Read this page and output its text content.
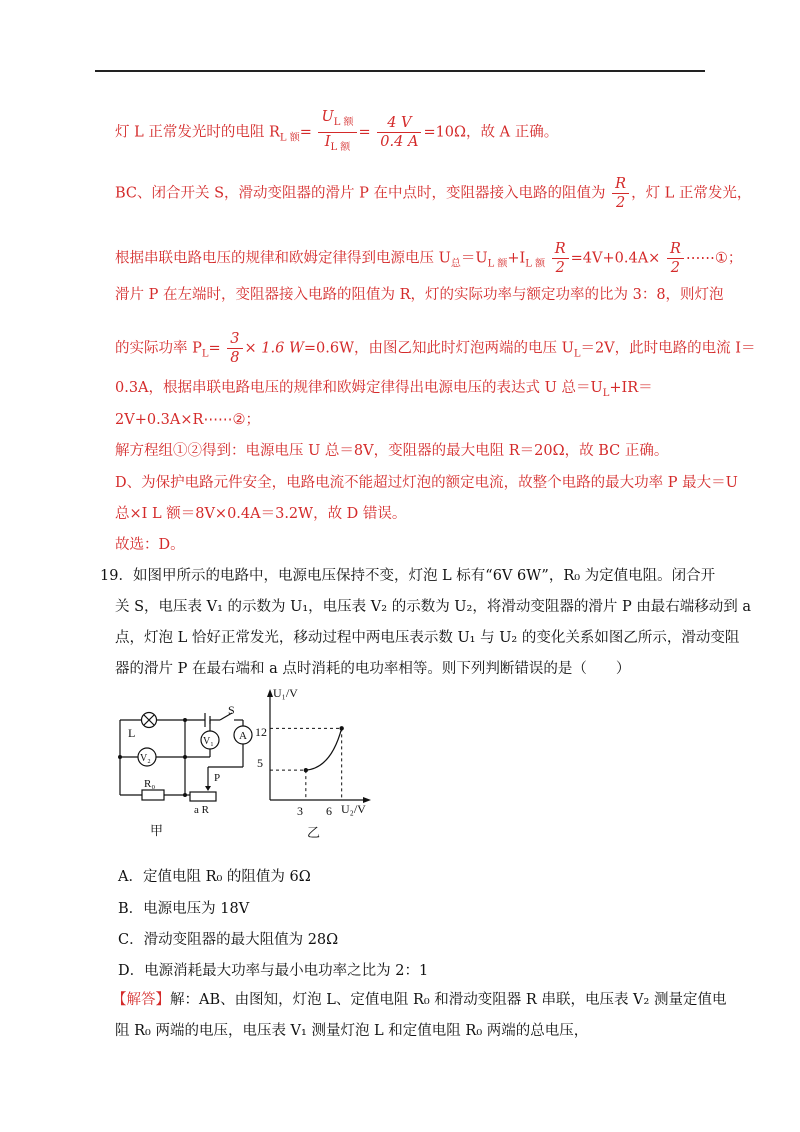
灯 L 正常发光时的电阻 $R_{L 额}= \frac{U_{L 额}}{I_{L 额}} = \frac{4 V}{0.4 A} =10\Omega$，故 A 正确。
BC、闭合开关 S，滑动变阻器的滑片 P 在中点时，变阻器接入电路的阻值为 $\frac{R}{2}$ ，灯 L 正常发光，
根据串联电路电压的规律和欧姆定律得到电源电压 $U_总=U_{L 额}+I_{L 额} \frac{R}{2} =4V+0.4A\times \frac{R}{2}$ ⋯⋯①；
滑片 P 在左端时，变阻器接入电路的阻值为 R，灯的实际功率与额定功率的比为 3：8，则灯泡
的实际功率 $P_L= \frac{3}{8} \times 1.6$ W=0.6W，由图乙知此时灯泡两端的电压 $U_L=2V$，此时电路的电流 I＝
0.3A，根据串联电路电压的规律和欧姆定律得出电源电压的表达式 U 总$=U_L+IR=$
2V+0.3A×R⋯⋯②；
解方程组①②得到：电源电压 U 总＝8V，变阻器的最大电阻 R＝20Ω，故 BC 正确。
D、为保护电路元件安全，电路电流不能超过灯泡的额定电流，故整个电路的最大功率 P 最大＝U
总×I L 额＝8V×0.4A＝3.2W，故 D 错误。
故选：D。
19．如图甲所示的电路中，电源电压保持不变，灯泡 L 标有“6V 6W”，R₀ 为定值电阻。闭合开
关 S，电压表 V₁ 的示数为 U₁，电压表 V₂ 的示数为 U₂，将滑动变阻器的滑片 P 由最右端移动到 a
点，灯泡 L 恰好正常发光，移动过程中两电压表示数 U₁ 与 U₂ 的变化关系如图乙所示，滑动变阻
器的滑片 P 在最右端和 a 点时消耗的电功率相等。则下列判断错误的是（　　）
L
S
V₂
V₁ A
R₀	P
a R
甲
U₁/V
U₂/V
12
5
3 6
乙
A．定值电阻 R₀ 的阻值为 6Ω
B．电源电压为 18V
C．滑动变阻器的最大阻值为 28Ω
D．电源消耗最大功率与最小电功率之比为 2：1
【解答】解：AB、由图知，灯泡 L、定值电阻 R₀ 和滑动变阻器 R 串联，电压表 V₂ 测量定值电
阻 R₀ 两端的电压，电压表 V₁ 测量灯泡 L 和定值电阻 R₀ 两端的总电压，
